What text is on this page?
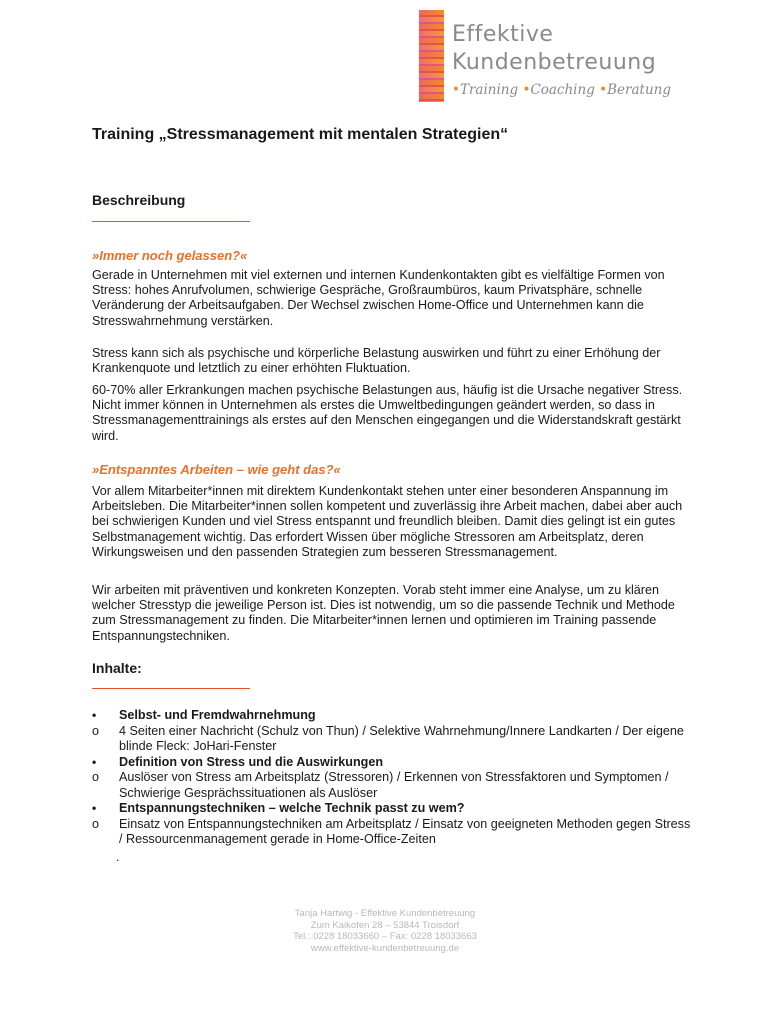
Effektive
Kundenbetreuung
•Training •Coaching •Beratung
Training „Stressmanagement mit mentalen Strategien“
Beschreibung
»Immer noch gelassen?«

Gerade in Unternehmen mit viel externen und internen Kundenkontakten gibt es vielfältige Formen von Stress: hohes Anrufvolumen, schwierige Gespräche, Großraumbüros, kaum Privatsphäre, schnelle Veränderung der Arbeitsaufgaben. Der Wechsel zwischen Home-Office und Unternehmen kann die Stresswahrnehmung verstärken.

Stress kann sich als psychische und körperliche Belastung auswirken und führt zu einer Erhöhung der Krankenquote und letztlich zu einer erhöhten Fluktuation.

60-70% aller Erkrankungen machen psychische Belastungen aus, häufig ist die Ursache negativer Stress. Nicht immer können in Unternehmen als erstes die Umweltbedingungen geändert werden, so dass in Stressmanagementtrainings als erstes auf den Menschen eingegangen und die Widerstandskraft gestärkt wird.

»Entspanntes Arbeiten – wie geht das?«

Vor allem Mitarbeiter*innen mit direktem Kundenkontakt stehen unter einer besonderen Anspannung im Arbeitsleben. Die Mitarbeiter*innen sollen kompetent und zuverlässig ihre Arbeit machen, dabei aber auch bei schwierigen Kunden und viel Stress entspannt und freundlich bleiben. Damit dies gelingt ist ein gutes Selbstmanagement wichtig. Das erfordert Wissen über mögliche Stressoren am Arbeitsplatz, deren Wirkungsweisen und den passenden Strategien zum besseren Stressmanagement.

Wir arbeiten mit präventiven und konkreten Konzepten. Vorab steht immer eine Analyse, um zu klären welcher Stresstyp die jeweilige Person ist. Dies ist notwendig, um so die passende Technik und Methode zum Stressmanagement zu finden. Die Mitarbeiter*innen lernen und optimieren im Training passende Entspannungstechniken.

Inhalte:
• Selbst- und Fremdwahrnehmung
o 4 Seiten einer Nachricht (Schulz von Thun) / Selektive Wahrnehmung/Innere Landkarten / Der eigene blinde Fleck: JoHari-Fenster
• Definition von Stress und die Auswirkungen
o Auslöser von Stress am Arbeitsplatz (Stressoren) / Erkennen von Stressfaktoren und Symptomen / Schwierige Gesprächssituationen als Auslöser
• Entspannungstechniken – welche Technik passt zu wem?
o Einsatz von Entspannungstechniken am Arbeitsplatz / Einsatz von geeigneten Methoden gegen Stress / Ressourcenmanagement gerade in Home-Office-Zeiten
.
Tanja Hartwig - Effektive Kundenbetreuung
Zum Kaikofen 28 – 53844 Troisdorf
Tel.: 0228 18033660 – Fax: 0228 18033663
www.effektive-kundenbetreuung.de
